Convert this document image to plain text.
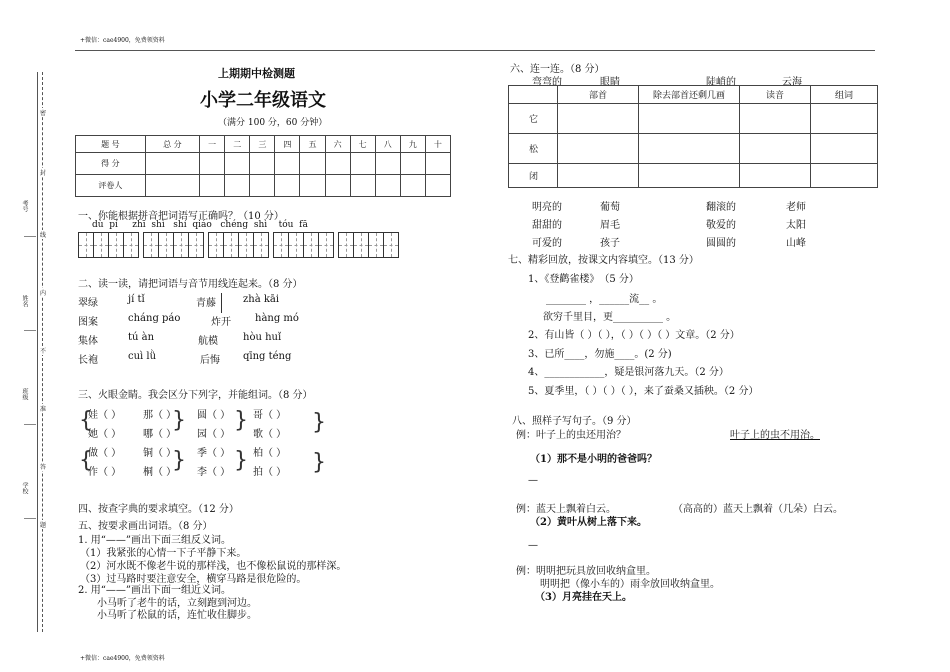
+微信：cae4900，免费领资料
+微信：cae4900，免费领资料
考号
姓名
班级
学校
密
封
线
内
不
准
答
题
上期期中检测题
小学二年级语文
（满分 100 分，60 分钟）
题 号	总 分	一	二	三	四	五	六	七	八	九	十
得 分											
评卷人											
一、你能根据拼音把词语写正确吗？（10 分）
dù pí zhī shì shí qiáo chéng shì tóu fā
二、读一读，请把词语与音节用线连起来。（8 分）
翠绿	jí tǐ	青藤	zhà kāi
图案	cháng páo	炸开 hàng mó
集体	tú àn	航模	hòu huǐ
长袍	cuì lǜ	后悔 qīng téng
三、火眼金睛。我会区分下列字，并能组词。（8 分）
娃（ ） 那（ ） 圆（ ） 哥（ ）
她（ ） 哪（ ） 园（ ） 歌（ ）
做（ ） 铜（ ） 季（ ） 柏（ ）
作（ ） 桐（ ） 李（ ） 拍（ ）
{
{
}
}
}
}
}
}
四、按查字典的要求填空。（12 分）
五、按要求画出词语。（8 分）
1. 用“——”画出下面三组反义词。
（1）我紧张的心情一下子平静下来。
（2）河水既不像老牛说的那样浅，也不像松鼠说的那样深。
（3）过马路时要注意安全，横穿马路是很危险的。
2. 用“——”画出下面一组近义词。
小马听了老牛的话，立刻跑到河边。
小马听了松鼠的话，连忙收住脚步。
六、连一连。（8 分）
弯弯的	眼睛	陡峭的	云海
	部首	除去部首还剩几画	读音	组词
它				
松				
闭				
明亮的	葡萄	翻滚的	老师
甜甜的	眉毛	敬爱的	太阳
可爱的	孩子	圆圆的	山峰
七、精彩回放，按课文内容填空。（13 分）
1、《登鹳雀楼》　（5 分）
________ ，______流__ 。
欲穷千里目，更__________ 。
2、有山皆（ ）（ ），（ ）（ ）（ ）文章。（2 分）
3、已所____，勿施____。(2 分)
4、____________，疑是银河落九天。（2 分）
5、夏季里，（ ）（ ）（ ），来了蚕桑又插秧。（2 分）
八、照样子写句子。（9 分）
例：叶子上的虫还用治？	叶子上的虫不用治。
（1）那不是小明的爸爸吗？
—
例：蓝天上飘着白云。	（高高的）蓝天上飘着（几朵）白云。
（2）黄叶从树上落下来。
—
例：明明把玩具放回收纳盒里。
明明把（像小车的）雨伞放回收纳盒里。
（3）月亮挂在天上。
